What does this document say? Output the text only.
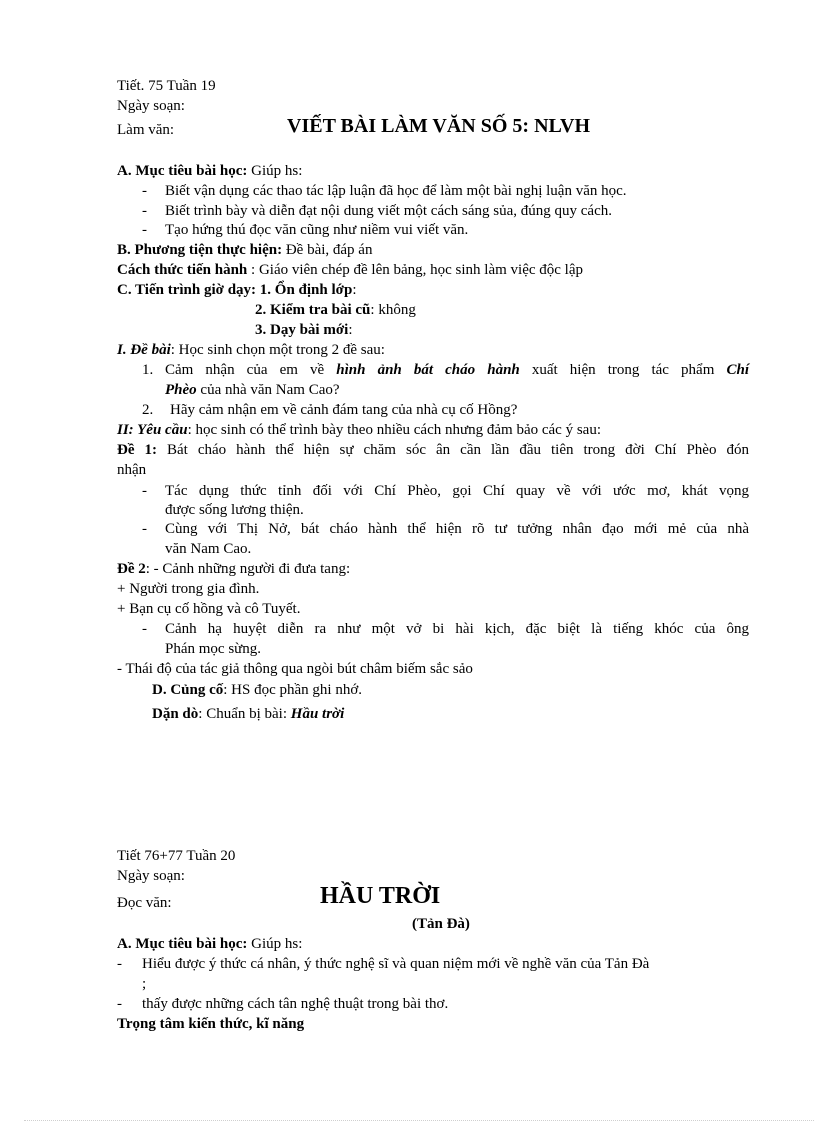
Tiết. 75 Tuần 19
Ngày soạn:
Làm văn:	VIẾT BÀI LÀM VĂN SỐ 5: NLVH
A. Mục tiêu bài học: Giúp hs:
- Biết vận dụng các thao tác lập luận đã học để làm một bài nghị luận văn học.
- Biết trình bày và diễn đạt nội dung viết một cách sáng sủa, đúng quy cách.
- Tạo hứng thú đọc văn cũng như niềm vui viết văn.
B. Phương tiện thực hiện: Đề bài, đáp án
Cách thức tiến hành : Giáo viên chép đề lên bảng, học sinh làm việc độc lập
C. Tiến trình giờ dạy: 1. Ổn định lớp:
2. Kiểm tra bài cũ: không
3. Dạy bài mới:
I. Đề bài: Học sinh chọn một trong 2 đề sau:
1. Cảm nhận của em về hình ảnh bát cháo hành xuất hiện trong tác phẩm Chí
Phèo của nhà văn Nam Cao?
2. Hãy cảm nhận em về cảnh đám tang của nhà cụ cố Hồng?
II: Yêu cầu: học sinh có thể trình bày theo nhiều cách nhưng đảm bảo các ý sau:
Đề 1: Bát cháo hành thể hiện sự chăm sóc ân cần lần đầu tiên trong đời Chí Phèo đón
nhận
- Tác dụng thức tỉnh đối với Chí Phèo, gọi Chí quay về với ước mơ, khát vọng
được sống lương thiện.
- Cùng với Thị Nở, bát cháo hành thể hiện rõ tư tưởng nhân đạo mới mẻ của nhà
văn Nam Cao.
Đề 2: - Cảnh những người đi đưa tang:
+ Người trong gia đình.
+ Bạn cụ cố hồng và cô Tuyết.
- Cảnh hạ huyệt diễn ra như một vở bi hài kịch, đặc biệt là tiếng khóc của ông
Phán mọc sừng.
- Thái độ của tác giả thông qua ngòi bút châm biếm sắc sảo
D. Củng cố: HS đọc phần ghi nhớ.
Dặn dò: Chuẩn bị bài: Hầu trời
Tiết 76+77 Tuần 20
Ngày soạn:
Đọc văn:	HẦU TRỜI
(Tản Đà)
A. Mục tiêu bài học: Giúp hs:
- Hiểu được ý thức cá nhân, ý thức nghệ sĩ và quan niệm mới về nghề văn của Tản Đà
;
- thấy được những cách tân nghệ thuật trong bài thơ.
Trọng tâm kiến thức, kĩ năng
